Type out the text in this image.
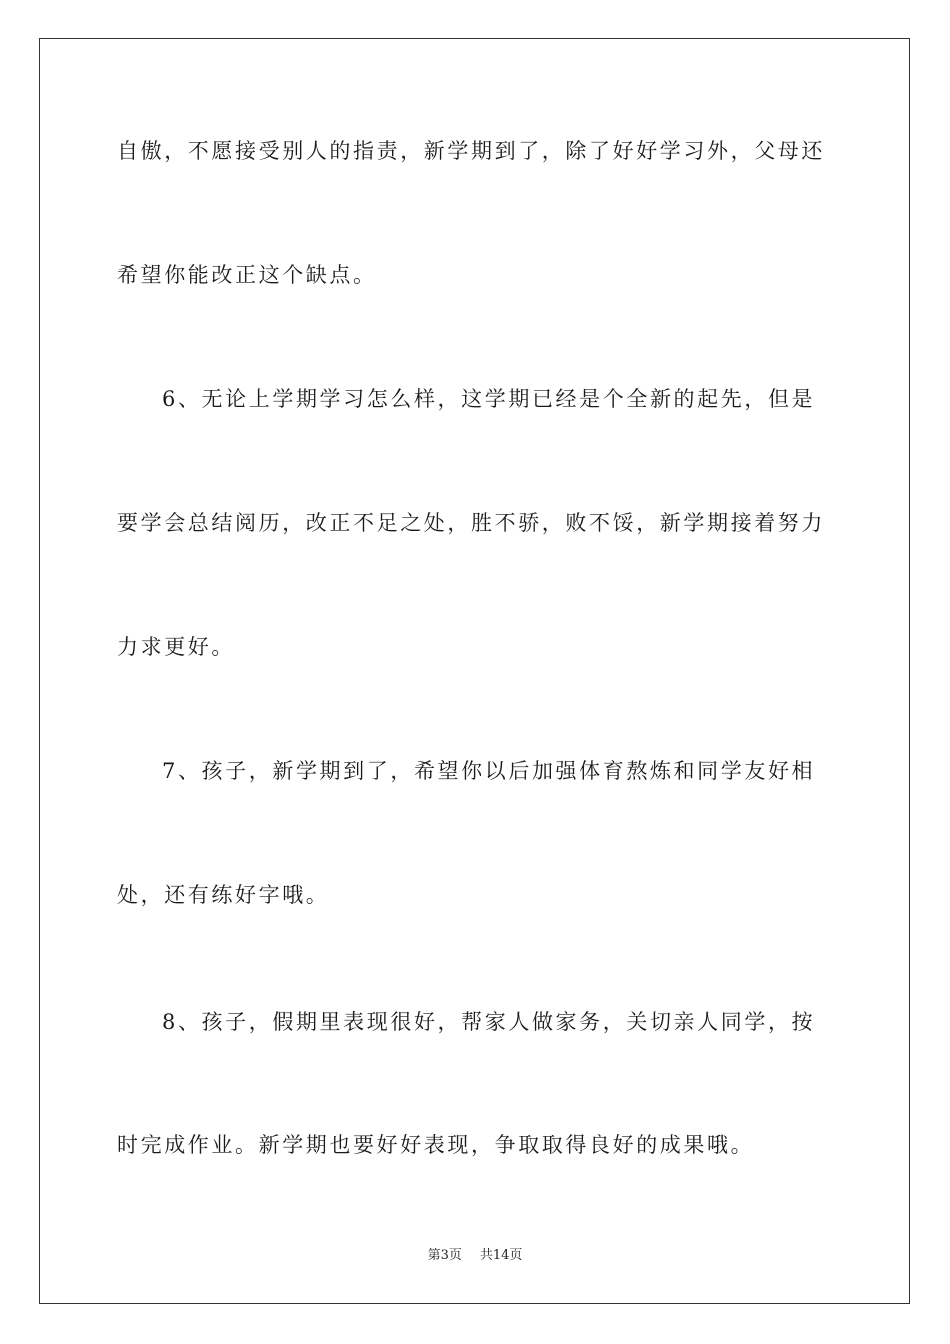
自傲，不愿接受别人的指责，新学期到了，除了好好学习外，父母还
希望你能改正这个缺点。
6、无论上学期学习怎么样，这学期已经是个全新的起先，但是
要学会总结阅历，改正不足之处，胜不骄，败不馁，新学期接着努力
力求更好。
7、孩子，新学期到了，希望你以后加强体育熬炼和同学友好相
处，还有练好字哦。
8、孩子，假期里表现很好，帮家人做家务，关切亲人同学，按
时完成作业。新学期也要好好表现，争取取得良好的成果哦。
第3页 共14页
